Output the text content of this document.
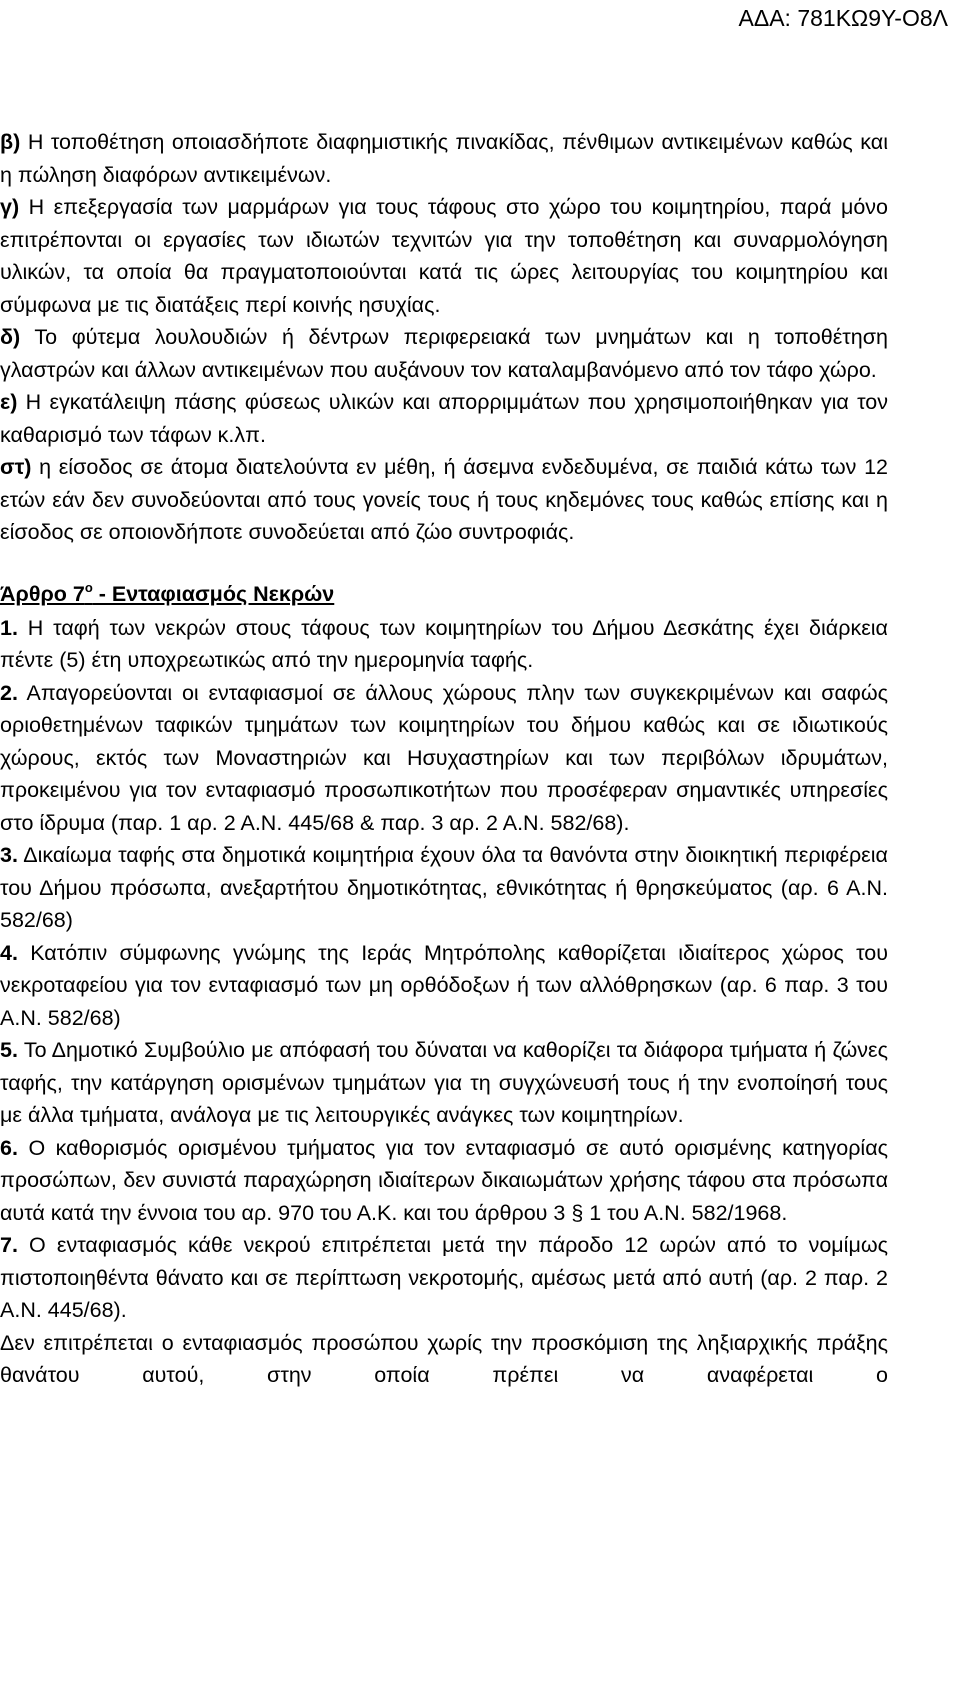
ΑΔΑ: 781ΚΩ9Υ-Ο8Λ

β) Η τοποθέτηση οποιασδήποτε διαφημιστικής πινακίδας, πένθιμων αντικειμένων καθώς και η πώληση διαφόρων αντικειμένων.

γ) Η επεξεργασία των μαρμάρων για τους τάφους στο χώρο του κοιμητηρίου, παρά μόνο επιτρέπονται οι εργασίες των ιδιωτών τεχνιτών για την τοποθέτηση και συναρμολόγηση υλικών, τα οποία θα πραγματοποιούνται κατά τις ώρες λειτουργίας του κοιμητηρίου και σύμφωνα με τις διατάξεις περί κοινής ησυχίας.

δ) Το φύτεμα λουλουδιών ή δέντρων περιφερειακά των μνημάτων και η τοποθέτηση γλαστρών και άλλων αντικειμένων που αυξάνουν τον καταλαμβανόμενο από τον τάφο χώρο.

ε) Η εγκατάλειψη πάσης φύσεως υλικών και απορριμμάτων που χρησιμοποιήθηκαν για τον καθαρισμό των τάφων κ.λπ.

στ) η είσοδος σε άτομα διατελούντα εν μέθη, ή άσεμνα ενδεδυμένα, σε παιδιά κάτω των 12 ετών εάν δεν συνοδεύονται από τους γονείς τους ή τους κηδεμόνες τους καθώς επίσης και η είσοδος σε οποιονδήποτε συνοδεύεται από ζώο συντροφιάς.

Άρθρο $7^o$ - Ενταφιασμός Νεκρών

1. Η ταφή των νεκρών στους τάφους των κοιμητηρίων του Δήμου Δεσκάτης έχει διάρκεια πέντε (5) έτη υποχρεωτικώς από την ημερομηνία ταφής.

2. Απαγορεύονται οι ενταφιασμοί σε άλλους χώρους πλην των συγκεκριμένων και σαφώς οριοθετημένων ταφικών τμημάτων των κοιμητηρίων του δήμου καθώς και σε ιδιωτικούς χώρους, εκτός των Μοναστηριών και Ησυχαστηρίων και των περιβόλων ιδρυμάτων, προκειμένου για τον ενταφιασμό προσωπικοτήτων που προσέφεραν σημαντικές υπηρεσίες στο ίδρυμα (παρ. 1 αρ. 2 Α.Ν. 445/68 & παρ. 3 αρ. 2 Α.Ν. 582/68).

3. Δικαίωμα ταφής στα δημοτικά κοιμητήρια έχουν όλα τα θανόντα στην διοικητική περιφέρεια του Δήμου πρόσωπα, ανεξαρτήτου δημοτικότητας, εθνικότητας ή θρησκεύματος (αρ. 6 Α.Ν. 582/68)

4. Κατόπιν σύμφωνης γνώμης της Ιεράς Μητρόπολης καθορίζεται ιδιαίτερος χώρος του νεκροταφείου για τον ενταφιασμό των μη ορθόδοξων ή των αλλόθρησκων (αρ. 6 παρ. 3 του Α.Ν. 582/68)

5. Το Δημοτικό Συμβούλιο με απόφασή του δύναται να καθορίζει τα διάφορα τμήματα ή ζώνες ταφής, την κατάργηση ορισμένων τμημάτων για τη συγχώνευσή τους ή την ενοποίησή τους με άλλα τμήματα, ανάλογα με τις λειτουργικές ανάγκες των κοιμητηρίων.

6. Ο καθορισμός ορισμένου τμήματος για τον ενταφιασμό σε αυτό ορισμένης κατηγορίας προσώπων, δεν συνιστά παραχώρηση ιδιαίτερων δικαιωμάτων χρήσης τάφου στα πρόσωπα αυτά κατά την έννοια του αρ. 970 του Α.Κ. και του άρθρου 3 § 1 του Α.Ν. 582/1968.

7. Ο ενταφιασμός κάθε νεκρού επιτρέπεται μετά την πάροδο 12 ωρών από το νομίμως πιστοποιηθέντα θάνατο και σε περίπτωση νεκροτομής, αμέσως μετά από αυτή (αρ. 2 παρ. 2 Α.Ν. 445/68).

Δεν επιτρέπεται ο ενταφιασμός προσώπου χωρίς την προσκόμιση της ληξιαρχικής πράξης θανάτου αυτού, στην οποία πρέπει να αναφέρεται ο
